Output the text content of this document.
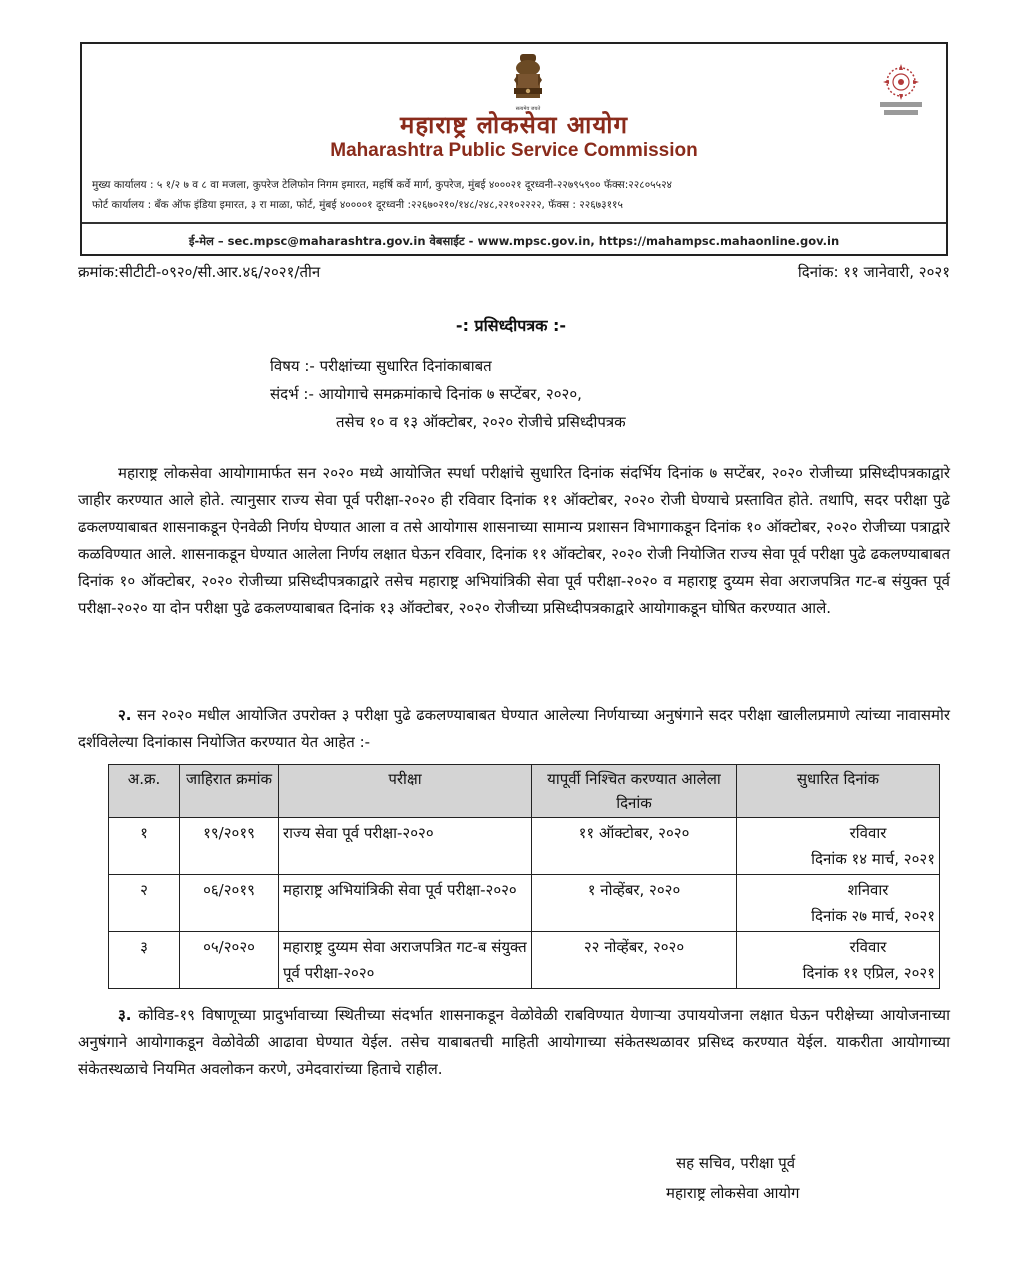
सत्यमेव जयते
महाराष्ट्र लोकसेवा आयोग
Maharashtra Public Service Commission
मुख्य कार्यालय : ५ १/२ ७ व ८ वा मजला, कुपरेज टेलिफोन निगम इमारत, महर्षि कर्वे मार्ग, कुपरेज, मुंबई ४०००२१ दूरध्वनी-२२७९५९०० फॅक्स:२२८०५५२४
फोर्ट कार्यालय : बँक ऑफ इंडिया इमारत, ३ रा माळा, फोर्ट, मुंबई ४००००१ दूरध्वनी :२२६७०२१०/१४८/२४८,२२१०२२२२, फॅक्स : २२६७३११५
ई-मेल – sec.mpsc@maharashtra.gov.in वेबसाईट - www.mpsc.gov.in, https://mahampsc.mahaonline.gov.in
क्रमांक:सीटीटी-०९२०/सी.आर.४६/२०२१/तीन	दिनांक: ११ जानेवारी, २०२१
-: प्रसिध्दीपत्रक :-
विषय :- परीक्षांच्या सुधारित दिनांकाबाबत
संदर्भ :- आयोगाचे समक्रमांकाचे दिनांक ७ सप्टेंबर, २०२०,
तसेच १० व १३ ऑक्टोबर, २०२० रोजीचे प्रसिध्दीपत्रक
महाराष्ट्र लोकसेवा आयोगामार्फत सन २०२० मध्ये आयोजित स्पर्धा परीक्षांचे सुधारित दिनांक संदर्भिय दिनांक ७ सप्टेंबर, २०२० रोजीच्या प्रसिध्दीपत्रकाद्वारे जाहीर करण्यात आले होते. त्यानुसार राज्य सेवा पूर्व परीक्षा-२०२० ही रविवार दिनांक ११ ऑक्टोबर, २०२० रोजी घेण्याचे प्रस्तावित होते. तथापि, सदर परीक्षा पुढे ढकलण्याबाबत शासनाकडून ऐनवेळी निर्णय घेण्यात आला व तसे आयोगास शासनाच्या सामान्य प्रशासन विभागाकडून दिनांक १० ऑक्टोबर, २०२० रोजीच्या पत्राद्वारे कळविण्यात आले. शासनाकडून घेण्यात आलेला निर्णय लक्षात घेऊन रविवार, दिनांक ११ ऑक्टोबर, २०२० रोजी नियोजित राज्य सेवा पूर्व परीक्षा पुढे ढकलण्याबाबत दिनांक १० ऑक्टोबर, २०२० रोजीच्या प्रसिध्दीपत्रकाद्वारे तसेच महाराष्ट्र अभियांत्रिकी सेवा पूर्व परीक्षा-२०२० व महाराष्ट्र दुय्यम सेवा अराजपत्रित गट-ब संयुक्त पूर्व परीक्षा-२०२० या दोन परीक्षा पुढे ढकलण्याबाबत दिनांक १३ ऑक्टोबर, २०२० रोजीच्या प्रसिध्दीपत्रकाद्वारे आयोगाकडून घोषित करण्यात आले.
२. सन २०२० मधील आयोजित उपरोक्त ३ परीक्षा पुढे ढकलण्याबाबत घेण्यात आलेल्या निर्णयाच्या अनुषंगाने सदर परीक्षा खालीलप्रमाणे त्यांच्या नावासमोर दर्शविलेल्या दिनांकास नियोजित करण्यात येत आहेत :-
अ.क्र.	जाहिरात क्रमांक	परीक्षा	यापूर्वी निश्चित करण्यात आलेला दिनांक	सुधारित दिनांक
१	१९/२०१९	राज्य सेवा पूर्व परीक्षा-२०२०	११ ऑक्टोबर, २०२०	रविवार
दिनांक १४ मार्च, २०२१

२	०६/२०१९	महाराष्ट्र अभियांत्रिकी सेवा पूर्व परीक्षा-२०२०	१ नोव्हेंबर, २०२०	शनिवार
दिनांक २७ मार्च, २०२१

३	०५/२०२०	महाराष्ट्र दुय्यम सेवा अराजपत्रित गट-ब संयुक्त पूर्व परीक्षा-२०२०	२२ नोव्हेंबर, २०२०	रविवार
दिनांक ११ एप्रिल, २०२१
३. कोविड-१९ विषाणूच्या प्रादुर्भावाच्या स्थितीच्या संदर्भात शासनाकडून वेळोवेळी राबविण्यात येणाऱ्या उपाययोजना लक्षात घेऊन परीक्षेच्या आयोजनाच्या अनुषंगाने आयोगाकडून वेळोवेळी आढावा घेण्यात येईल. तसेच याबाबतची माहिती आयोगाच्या संकेतस्थळावर प्रसिध्द करण्यात येईल. याकरीता आयोगाच्या संकेतस्थळाचे नियमित अवलोकन करणे, उमेदवारांच्या हिताचे राहील.
सह सचिव, परीक्षा पूर्व
महाराष्ट्र लोकसेवा आयोग
